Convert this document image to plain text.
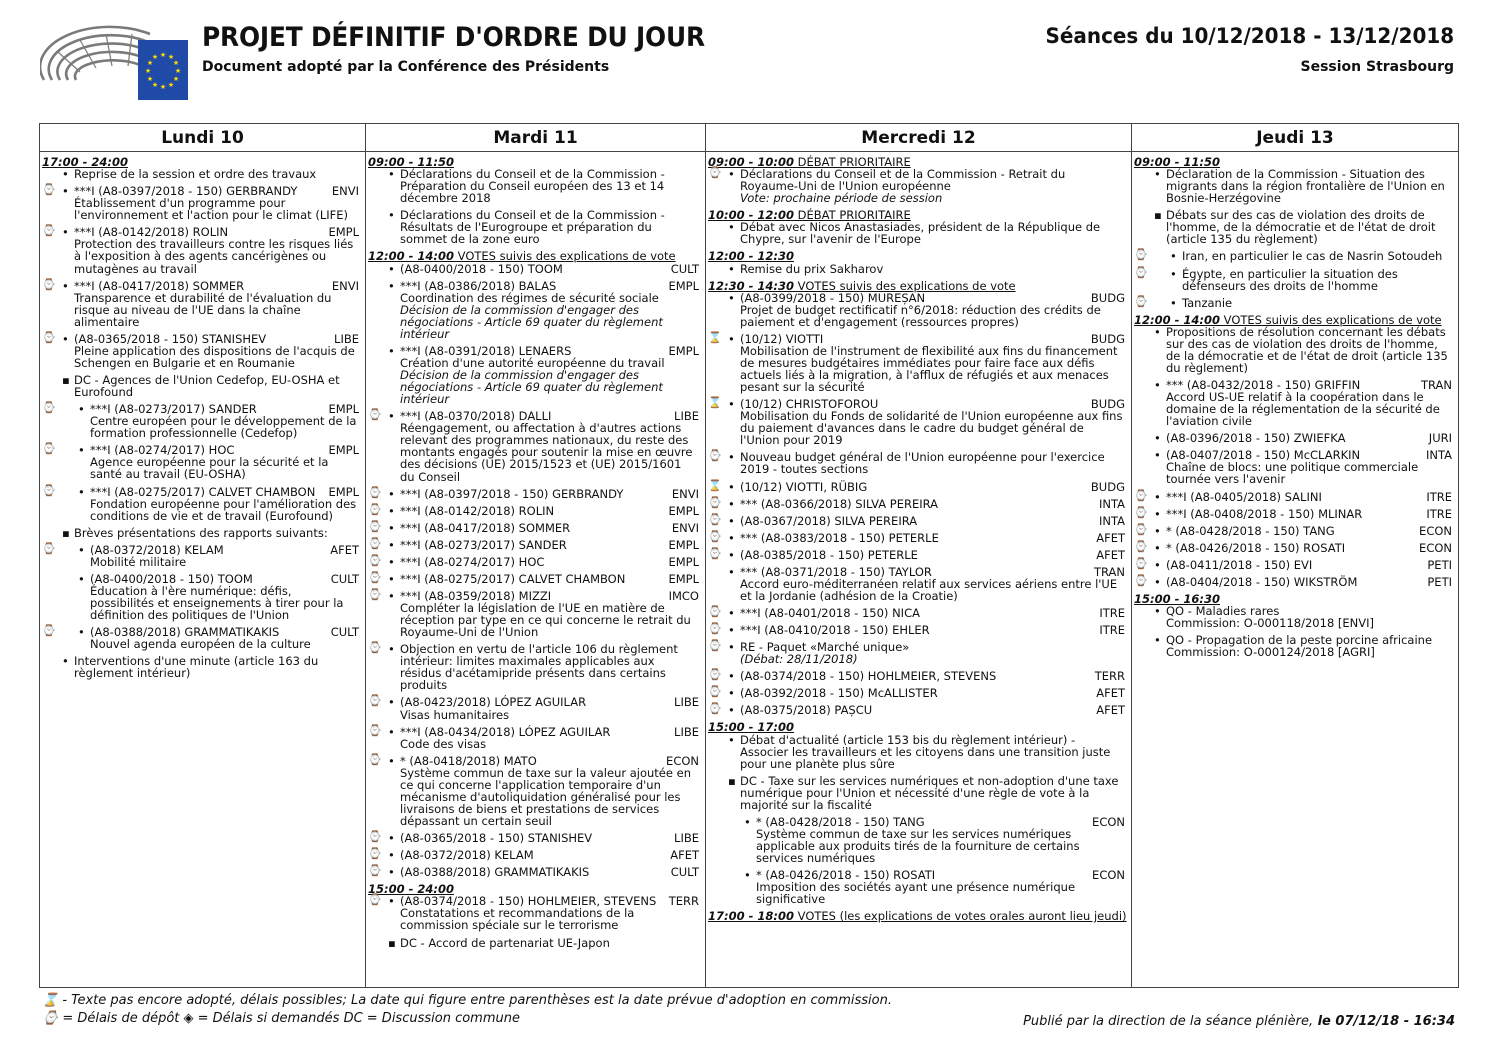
★ ★
★
★
★
★
★
★
★
★
★
★
PROJET DÉFINITIF D'ORDRE DU JOUR
Document adopté par la Conférence des Présidents
Séances du 10/12/2018 - 13/12/2018
Session Strasbourg
Lundi 10
17:00 - 24:00
• Reprise de la session et ordre des travaux
⌚ • ***I (A8-0397/2018 - 150) GERBRANDY	ENVI
Établissement d'un programme pour l'environnement et l'action pour le climat (LIFE)
⌚ • ***I (A8-0142/2018) ROLIN	EMPL
Protection des travailleurs contre les risques liés à l'exposition à des agents cancérigènes ou mutagènes au travail
⌚ • ***I (A8-0417/2018) SOMMER	ENVI
Transparence et durabilité de l'évaluation du risque au niveau de l'UE dans la chaîne alimentaire
⌚ • (A8-0365/2018 - 150) STANISHEV	LIBE
Pleine application des dispositions de l'acquis de Schengen en Bulgarie et en Roumanie
▪ DC - Agences de l'Union Cedefop, EU-OSHA et Eurofound
⌚ • ***I (A8-0273/2017) SANDER	EMPL
Centre européen pour le développement de la formation professionnelle (Cedefop)
⌚ • ***I (A8-0274/2017) HOC	EMPL
Agence européenne pour la sécurité et la santé au travail (EU-OSHA)
⌚ • ***I (A8-0275/2017) CALVET CHAMBON EMPL
Fondation européenne pour l'amélioration des conditions de vie et de travail (Eurofound)
▪ Brèves présentations des rapports suivants:
⌚ • (A8-0372/2018) KELAM	AFET
Mobilité militaire
• (A8-0400/2018 - 150) TOOM	CULT
Éducation à l'ère numérique: défis, possibilités et enseignements à tirer pour la définition des politiques de l'Union
⌚ • (A8-0388/2018) GRAMMATIKAKIS	CULT
Nouvel agenda européen de la culture
• Interventions d'une minute (article 163 du règlement intérieur)
Mardi 11
09:00 - 11:50
• Déclarations du Conseil et de la Commission - Préparation du Conseil européen des 13 et 14 décembre 2018
• Déclarations du Conseil et de la Commission - Résultats de l'Eurogroupe et préparation du sommet de la zone euro
12:00 - 14:00 VOTES suivis des explications de vote
• (A8-0400/2018 - 150) TOOM	CULT
• ***I (A8-0386/2018) BALAS	EMPL
Coordination des régimes de sécurité sociale
Décision de la commission d'engager des négociations - Article 69 quater du règlement intérieur
• ***I (A8-0391/2018) LENAERS	EMPL
Création d'une autorité européenne du travail
Décision de la commission d'engager des négociations - Article 69 quater du règlement intérieur
⌚ • ***I (A8-0370/2018) DALLI	LIBE
Réengagement, ou affectation à d'autres actions relevant des programmes nationaux, du reste des montants engagés pour soutenir la mise en œuvre des décisions (UE) 2015/1523 et (UE) 2015/1601 du Conseil
⌚ • ***I (A8-0397/2018 - 150) GERBRANDY	ENVI
⌚ • ***I (A8-0142/2018) ROLIN	EMPL
⌚ • ***I (A8-0417/2018) SOMMER	ENVI
⌚ • ***I (A8-0273/2017) SANDER	EMPL
⌚ • ***I (A8-0274/2017) HOC	EMPL
⌚ • ***I (A8-0275/2017) CALVET CHAMBON	EMPL
⌚ • ***I (A8-0359/2018) MIZZI	IMCO
Compléter la législation de l'UE en matière de réception par type en ce qui concerne le retrait du Royaume-Uni de l'Union
⌚ • Objection en vertu de l'article 106 du règlement intérieur: limites maximales applicables aux résidus d'acétamipride présents dans certains produits
⌚ • (A8-0423/2018) LÓPEZ AGUILAR	LIBE
Visas humanitaires
⌚ • ***I (A8-0434/2018) LÓPEZ AGUILAR	LIBE
Code des visas
⌚ • * (A8-0418/2018) MATO	ECON
Système commun de taxe sur la valeur ajoutée en ce qui concerne l'application temporaire d'un mécanisme d'autoliquidation généralisé pour les livraisons de biens et prestations de services dépassant un certain seuil
⌚ • (A8-0365/2018 - 150) STANISHEV	LIBE
⌚ • (A8-0372/2018) KELAM	AFET
⌚ • (A8-0388/2018) GRAMMATIKAKIS	CULT
15:00 - 24:00
⌚ • (A8-0374/2018 - 150) HOHLMEIER, STEVENS TERR
Constatations et recommandations de la commission spéciale sur le terrorisme
▪ DC - Accord de partenariat UE-Japon
Mercredi 12
09:00 - 10:00 DÉBAT PRIORITAIRE
⌚ • Déclarations du Conseil et de la Commission - Retrait du Royaume-Uni de l'Union européenne
Vote: prochaine période de session
10:00 - 12:00 DÉBAT PRIORITAIRE
• Débat avec Nicos Anastasiades, président de la République de Chypre, sur l'avenir de l'Europe
12:00 - 12:30
• Remise du prix Sakharov
12:30 - 14:30 VOTES suivis des explications de vote
• (A8-0399/2018 - 150) MUREȘAN	BUDG
Projet de budget rectificatif n°6/2018: réduction des crédits de paiement et d'engagement (ressources propres)
⌛ • (10/12) VIOTTI	BUDG
Mobilisation de l'instrument de flexibilité aux fins du financement de mesures budgétaires immédiates pour faire face aux défis actuels liés à la migration, à l'afflux de réfugiés et aux menaces pesant sur la sécurité
⌛ • (10/12) CHRISTOFOROU	BUDG
Mobilisation du Fonds de solidarité de l'Union européenne aux fins du paiement d'avances dans le cadre du budget général de l'Union pour 2019
⌚ • Nouveau budget général de l'Union européenne pour l'exercice 2019 - toutes sections
⌛ • (10/12) VIOTTI, RÜBIG	BUDG
⌚ • *** (A8-0366/2018) SILVA PEREIRA	INTA
⌚ • (A8-0367/2018) SILVA PEREIRA	INTA
⌚ • *** (A8-0383/2018 - 150) PETERLE	AFET
⌚ • (A8-0385/2018 - 150) PETERLE	AFET
• *** (A8-0371/2018 - 150) TAYLOR	TRAN
Accord euro-méditerranéen relatif aux services aériens entre l'UE et la Jordanie (adhésion de la Croatie)
⌚ • ***I (A8-0401/2018 - 150) NICA	ITRE
⌚ • ***I (A8-0410/2018 - 150) EHLER	ITRE
⌚ • RE - Paquet «Marché unique»
(Débat: 28/11/2018)
⌚ • (A8-0374/2018 - 150) HOHLMEIER, STEVENS	TERR
⌚ • (A8-0392/2018 - 150) McALLISTER	AFET
⌚ • (A8-0375/2018) PAȘCU	AFET
15:00 - 17:00
• Débat d'actualité (article 153 bis du règlement intérieur) - Associer les travailleurs et les citoyens dans une transition juste pour une planète plus sûre
▪ DC - Taxe sur les services numériques et non-adoption d'une taxe numérique pour l'Union et nécessité d'une règle de vote à la majorité sur la fiscalité
• * (A8-0428/2018 - 150) TANG	ECON
Système commun de taxe sur les services numériques applicable aux produits tirés de la fourniture de certains services numériques
• * (A8-0426/2018 - 150) ROSATI	ECON
Imposition des sociétés ayant une présence numérique significative
17:00 - 18:00 VOTES (les explications de votes orales auront lieu jeudi)
Jeudi 13
09:00 - 11:50
• Déclaration de la Commission - Situation des migrants dans la région frontalière de l'Union en Bosnie-Herzégovine
▪ Débats sur des cas de violation des droits de l'homme, de la démocratie et de l'état de droit (article 135 du règlement)
⌚ • Iran, en particulier le cas de Nasrin Sotoudeh
⌚ • Égypte, en particulier la situation des défenseurs des droits de l'homme
⌚ • Tanzanie
12:00 - 14:00 VOTES suivis des explications de vote
• Propositions de résolution concernant les débats sur des cas de violation des droits de l'homme, de la démocratie et de l'état de droit (article 135 du règlement)
• *** (A8-0432/2018 - 150) GRIFFIN	TRAN
Accord US-UE relatif à la coopération dans le domaine de la réglementation de la sécurité de l'aviation civile
• (A8-0396/2018 - 150) ZWIEFKA	JURI
• (A8-0407/2018 - 150) McCLARKIN	INTA
Chaîne de blocs: une politique commerciale tournée vers l'avenir
⌚ • ***I (A8-0405/2018) SALINI	ITRE
⌚ • ***I (A8-0408/2018 - 150) MLINAR	ITRE
⌚ • * (A8-0428/2018 - 150) TANG	ECON
⌚ • * (A8-0426/2018 - 150) ROSATI	ECON
⌚ • (A8-0411/2018 - 150) EVI	PETI
⌚ • (A8-0404/2018 - 150) WIKSTRÖM	PETI
15:00 - 16:30
• QO - Maladies rares
Commission: O-000118/2018 [ENVI]
• QO - Propagation de la peste porcine africaine
Commission: O-000124/2018 [AGRI]
⌛ - Texte pas encore adopté, délais possibles; La date qui figure entre parenthèses est la date prévue d'adoption en commission.
⌚ = Délais de dépôt ◈ = Délais si demandés DC = Discussion commune	Publié par la direction de la séance plénière, le 07/12/18 - 16:34
